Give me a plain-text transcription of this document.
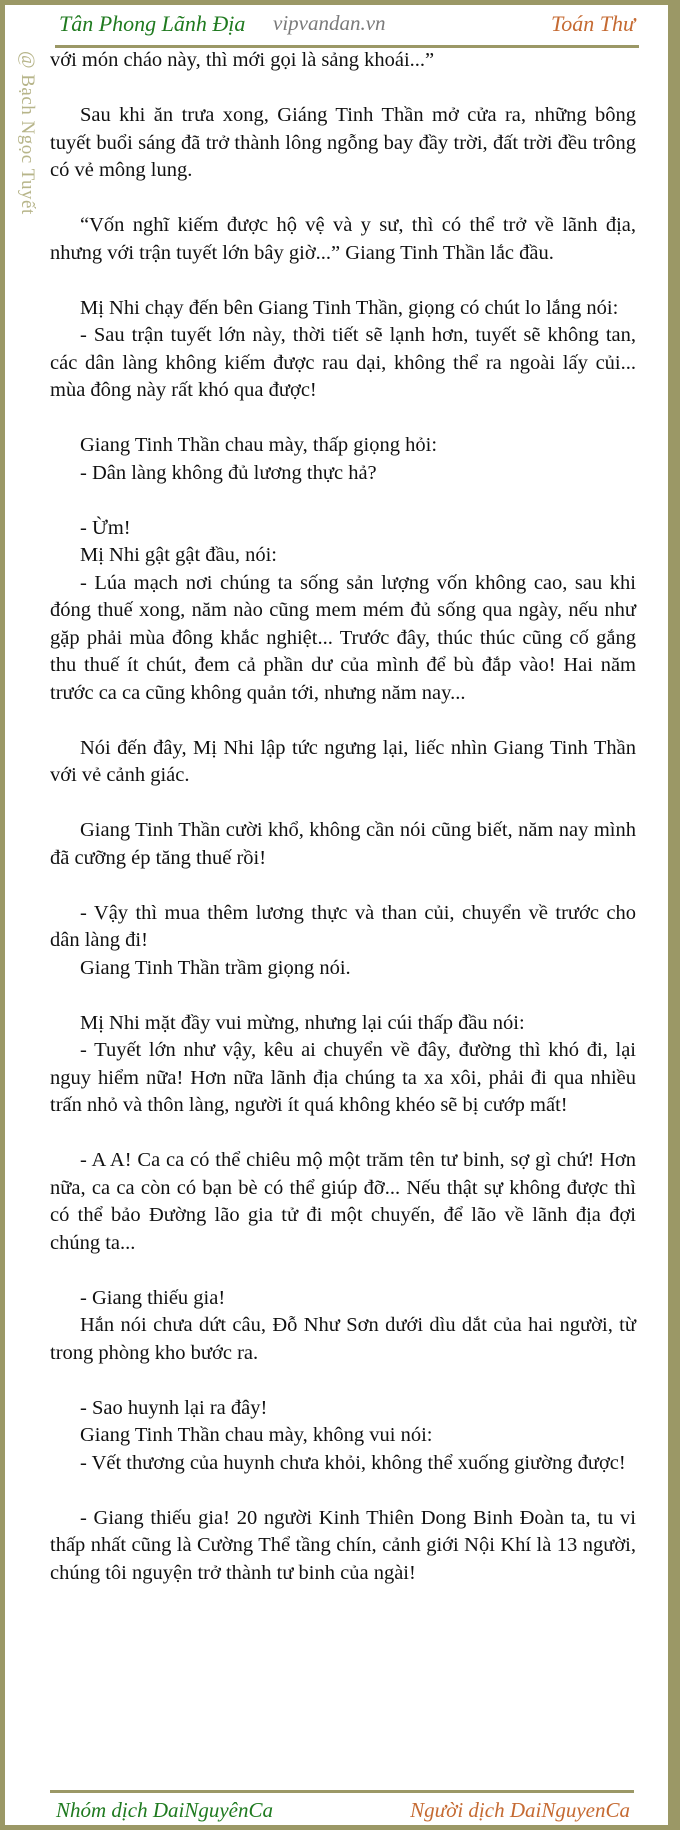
Tân Phong Lãnh Địa vipvandan.vn	Toán Thư
@ Bạch Ngọc Tuyết với món cháo này, thì mới gọi là sảng khoái...”

Sau khi ăn trưa xong, Giáng Tinh Thần mở cửa ra, những bông tuyết buổi sáng đã trở thành lông ngỗng bay đầy trời, đất trời đều trông có vẻ mông lung.

“Vốn nghĩ kiếm được hộ vệ và y sư, thì có thể trở về lãnh địa, nhưng với trận tuyết lớn bây giờ...” Giang Tinh Thần lắc đầu.

Mị Nhi chạy đến bên Giang Tinh Thần, giọng có chút lo lắng nói:

- Sau trận tuyết lớn này, thời tiết sẽ lạnh hơn, tuyết sẽ không tan, các dân làng không kiếm được rau dại, không thể ra ngoài lấy củi... mùa đông này rất khó qua được!

Giang Tinh Thần chau mày, thấp giọng hỏi:

- Dân làng không đủ lương thực hả?

- Ừm!

Mị Nhi gật gật đầu, nói:

- Lúa mạch nơi chúng ta sống sản lượng vốn không cao, sau khi đóng thuế xong, năm nào cũng mem mém đủ sống qua ngày, nếu như gặp phải mùa đông khắc nghiệt... Trước đây, thúc thúc cũng cố gắng thu thuế ít chút, đem cả phần dư của mình để bù đắp vào! Hai năm trước ca ca cũng không quản tới, nhưng năm nay...

Nói đến đây, Mị Nhi lập tức ngưng lại, liếc nhìn Giang Tinh Thần với vẻ cảnh giác.

Giang Tinh Thần cười khổ, không cần nói cũng biết, năm nay mình đã cưỡng ép tăng thuế rồi!

- Vậy thì mua thêm lương thực và than củi, chuyển về trước cho dân làng đi!

Giang Tinh Thần trầm giọng nói.

Mị Nhi mặt đầy vui mừng, nhưng lại cúi thấp đầu nói:

- Tuyết lớn như vậy, kêu ai chuyển về đây, đường thì khó đi, lại nguy hiểm nữa! Hơn nữa lãnh địa chúng ta xa xôi, phải đi qua nhiều trấn nhỏ và thôn làng, người ít quá không khéo sẽ bị cướp mất!

- A A! Ca ca có thể chiêu mộ một trăm tên tư binh, sợ gì chứ! Hơn nữa, ca ca còn có bạn bè có thể giúp đỡ... Nếu thật sự không được thì có thể bảo Đường lão gia tử đi một chuyến, để lão về lãnh địa đợi chúng ta...

- Giang thiếu gia!

Hắn nói chưa dứt câu, Đỗ Như Sơn dưới dìu dắt của hai người, từ trong phòng kho bước ra.

- Sao huynh lại ra đây!

Giang Tinh Thần chau mày, không vui nói:

- Vết thương của huynh chưa khỏi, không thể xuống giường được!

- Giang thiếu gia! 20 người Kinh Thiên Dong Binh Đoàn ta, tu vi thấp nhất cũng là Cường Thể tầng chín, cảnh giới Nội Khí là 13 người, chúng tôi nguyện trở thành tư binh của ngài!

Nhóm dịch DaiNguyênCa	Người dịch DaiNguyenCa
